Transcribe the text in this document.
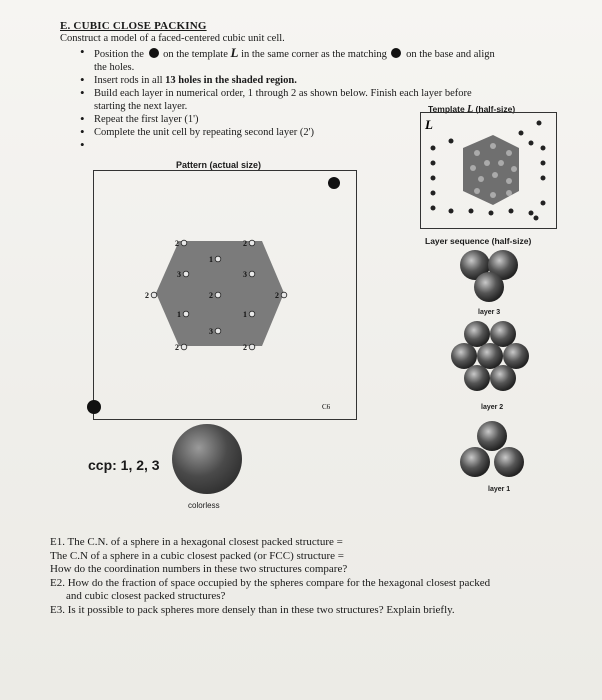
E. CUBIC CLOSE PACKING
Construct a model of a faced-centered cubic unit cell.
• Position the on the template L in the same corner as the matching on the base and align
the holes.
• Insert rods in all 13 holes in the shaded region.
• Build each layer in numerical order, 1 through 2 as shown below. Finish each layer before
starting the next layer.
• Repeat the first layer (1')
• Complete the unit cell by repeating second layer (2')
•
Template L (half-size)
L
Pattern (actual size)
2	2
1
3	3
2	2	2
1	1
3
2	2
C6
ccp: 1, 2, 3
colorless
Layer sequence (half-size)
layer 3
layer 2
layer 1
E1. The C.N. of a sphere in a hexagonal closest packed structure =
The C.N of a sphere in a cubic closest packed (or FCC) structure =
How do the coordination numbers in these two structures compare?
E2. How do the fraction of space occupied by the spheres compare for the hexagonal closest packed
and cubic closest packed structures?
E3. Is it possible to pack spheres more densely than in these two structures? Explain briefly.
